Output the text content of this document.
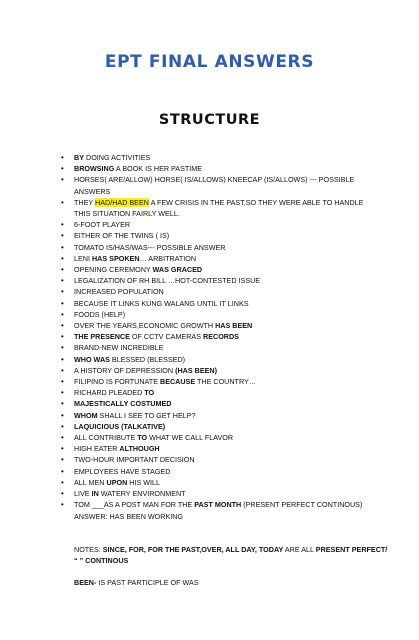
EPT FINAL ANSWERS
STRUCTURE
• BY DOING ACTIVITIES
• BROWSING A BOOK IS HER PASTIME
• HORSES( ARE/ALLOW) HORSE( IS/ALLOWS) KNEECAP (IS/ALLOWS) --- POSSIBLE ANSWERS
• THEY HAD/HAD BEEN A FEW CRISIS IN THE PAST,SO THEY WERE ABLE TO HANDLE THIS SITUATION FAIRLY WELL.
• 6-FOOT PLAYER
• EITHER OF THE TWINS ( IS)
• TOMATO IS/HAS/WAS--- POSSIBLE ANSWER
• LENI HAS SPOKEN… ARBITRATION
• OPENING CEREMONY WAS GRACED
• LEGALIZATION OF RH BILL …HOT-CONTESTED ISSUE
• INCREASED POPULATION
• BECAUSE IT LINKS KUNG WALANG UNTIL IT LINKS
• FOODS (HELP)
• OVER THE YEARS,ECONOMIC GROWTH HAS BEEN
• THE PRESENCE OF CCTV CAMERAS RECORDS
• BRAND-NEW INCREDIBLE
• WHO WAS BLESSED (BLESSED)
• A HISTORY OF DEPRESSION (HAS BEEN)
• FILIPINO IS FORTUNATE BECAUSE THE COUNTRY…
• RICHARD PLEADED TO
• MAJESTICALLY COSTUMED
• WHOM SHALL I SEE TO GET HELP?
• LAQUICIOUS (TALKATIVE)
• ALL CONTRIBUTE TO WHAT WE CALL FLAVOR
• HIGH EATER ALTHOUGH
• TWO-HOUR IMPORTANT DECISION
• EMPLOYEES HAVE STAGED
• ALL MEN UPON HIS WILL
• LIVE IN WATERY ENVIRONMENT
• TOM ___AS A POST MAN FOR THE PAST MONTH (PRESENT PERFECT CONTINOUS) ANSWER: HAS BEEN WORKING
NOTES: SINCE, FOR, FOR THE PAST,OVER, ALL DAY, TODAY ARE ALL PRESENT PERFECT/
“ ” CONTINOUS
BEEN- IS PAST PARTICIPLE OF WAS
